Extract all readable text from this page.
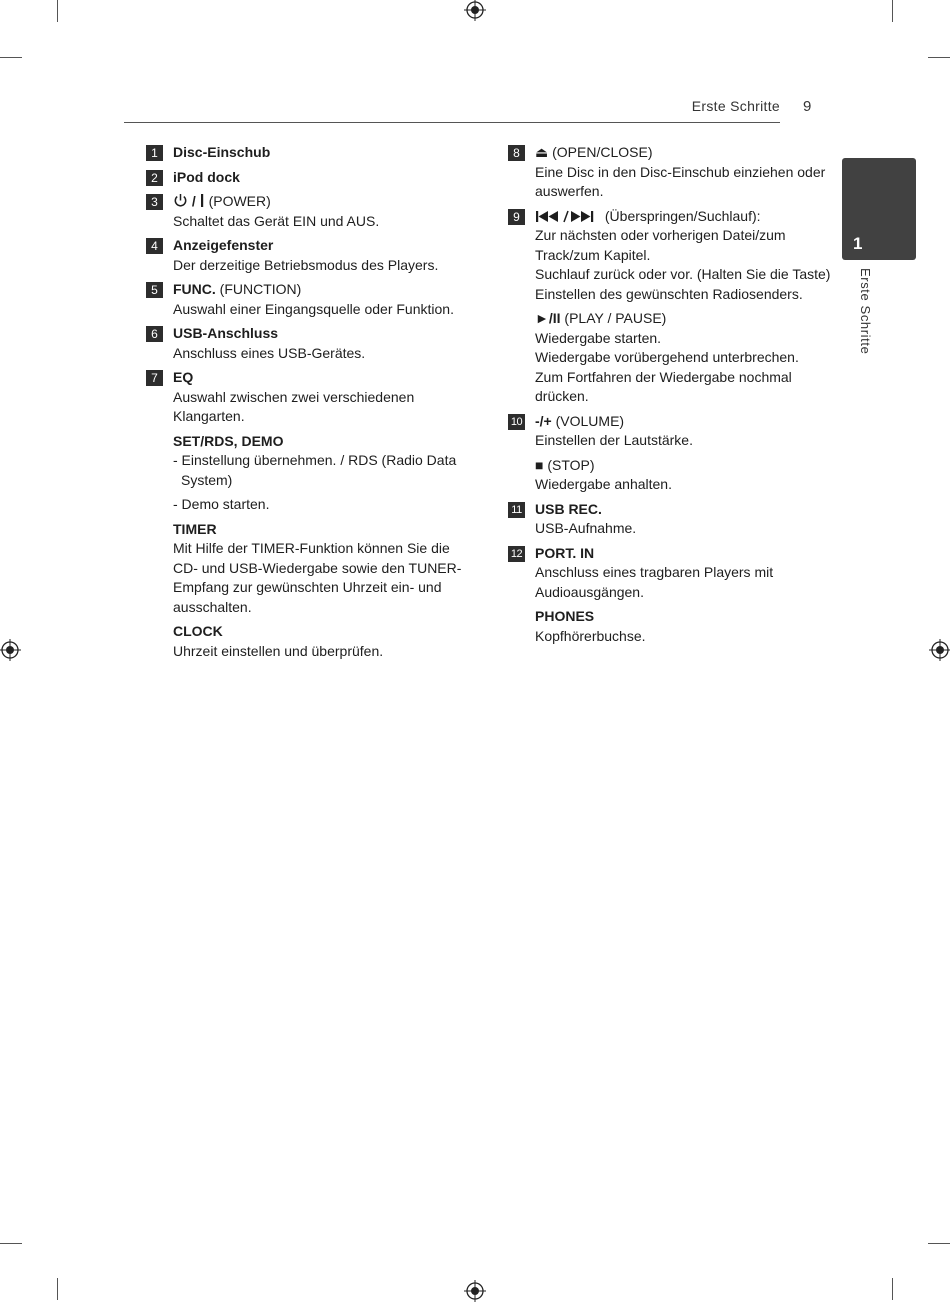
Erste Schritte 9
1
Erste Schritte
1	Disc-Einschub
2	iPod dock
3	/  (POWER)
Schaltet das Gerät EIN und AUS.
4	Anzeigefenster
Der derzeitige Betriebsmodus des Players.
5	FUNC. (FUNCTION)
Auswahl einer Eingangsquelle oder Funktion.
6	USB-Anschluss
Anschluss eines USB-Gerätes.
7	EQ
Auswahl zwischen zwei verschiedenen Klangarten.
SET/RDS, DEMO
- Einstellung übernehmen. / RDS (Radio Data System)
- Demo starten.
TIMER
Mit Hilfe der TIMER-Funktion können Sie die CD- und USB-Wiedergabe sowie den TUNER-Empfang zur gewünschten Uhrzeit ein- und ausschalten.
CLOCK
Uhrzeit einstellen und überprüfen.
8	⏏ (OPEN/CLOSE)
Eine Disc in den Disc-Einschub einziehen oder auswerfen.
9	(Überspringen/Suchlauf):
Zur nächsten oder vorherigen Datei/zum Track/zum Kapitel.
Suchlauf zurück oder vor. (Halten Sie die Taste) Einstellen des gewünschten Radiosenders.
►/II (PLAY / PAUSE)
Wiedergabe starten.
Wiedergabe vorübergehend unterbrechen.
Zum Fortfahren der Wiedergabe nochmal drücken.
10 -/+ (VOLUME)
Einstellen der Lautstärke.
■ (STOP)
Wiedergabe anhalten.
11 USB REC.
USB-Aufnahme.
12 PORT. IN
Anschluss eines tragbaren Players mit Audioausgängen.
PHONES
Kopfhörerbuchse.
